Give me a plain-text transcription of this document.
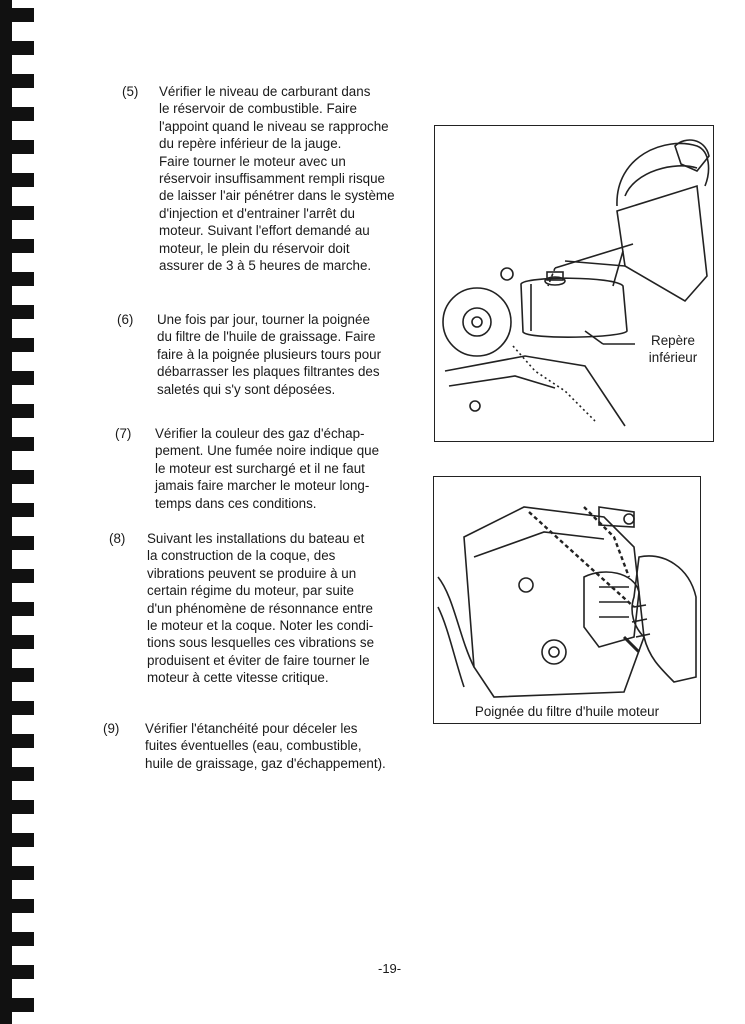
(5) Vérifier le niveau de carburant dans
le réservoir de combustible. Faire
l'appoint quand le niveau se rapproche
du repère inférieur de la jauge.
Faire tourner le moteur avec un
réservoir insuffisamment rempli risque
de laisser l'air pénétrer dans le système
d'injection et d'entrainer l'arrêt du
moteur. Suivant l'effort demandé au
moteur, le plein du réservoir doit
assurer de 3 à 5 heures de marche.
(6) Une fois par jour, tourner la poignée
du filtre de l'huile de graissage. Faire
faire à la poignée plusieurs tours pour
débarrasser les plaques filtrantes des
saletés qui s'y sont déposées.
(7) Vérifier la couleur des gaz d'échap-
pement. Une fumée noire indique que
le moteur est surchargé et il ne faut
jamais faire marcher le moteur long-
temps dans ces conditions.
(8) Suivant les installations du bateau et
la construction de la coque, des
vibrations peuvent se produire à un
certain régime du moteur, par suite
d'un phénomène de résonnance entre
le moteur et la coque. Noter les condi-
tions sous lesquelles ces vibrations se
produisent et éviter de faire tourner le
moteur à cette vitesse critique.
(9) Vérifier l'étanchéité pour déceler les
fuites éventuelles (eau, combustible,
huile de graissage, gaz d'échappement).
Repère
inférieur
Poignée du filtre d'huile moteur
-19-
